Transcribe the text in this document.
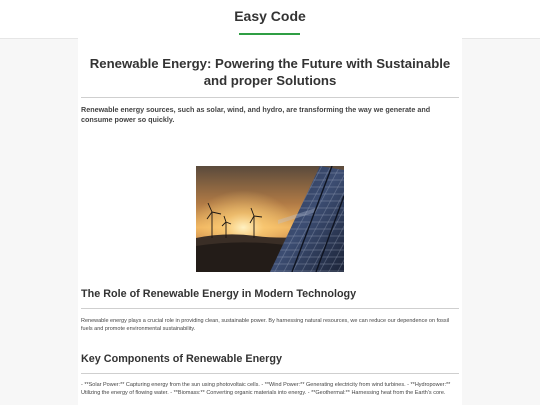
Easy Code
Renewable Energy: Powering the Future with Sustainable and proper Solutions

Renewable energy sources, such as solar, wind, and hydro, are transforming the way we generate and consume power so quickly.

The Role of Renewable Energy in Modern Technology

Renewable energy plays a crucial role in providing clean, sustainable power. By harnessing natural resources, we can reduce our dependence on fossil fuels and promote environmental sustainability.

Key Components of Renewable Energy

- **Solar Power:** Capturing energy from the sun using photovoltaic cells. - **Wind Power:** Generating electricity from wind turbines. - **Hydropower:** Utilizing the energy of flowing water. - **Biomass:** Converting organic materials into energy. - **Geothermal:** Harnessing heat from the Earth's core.
